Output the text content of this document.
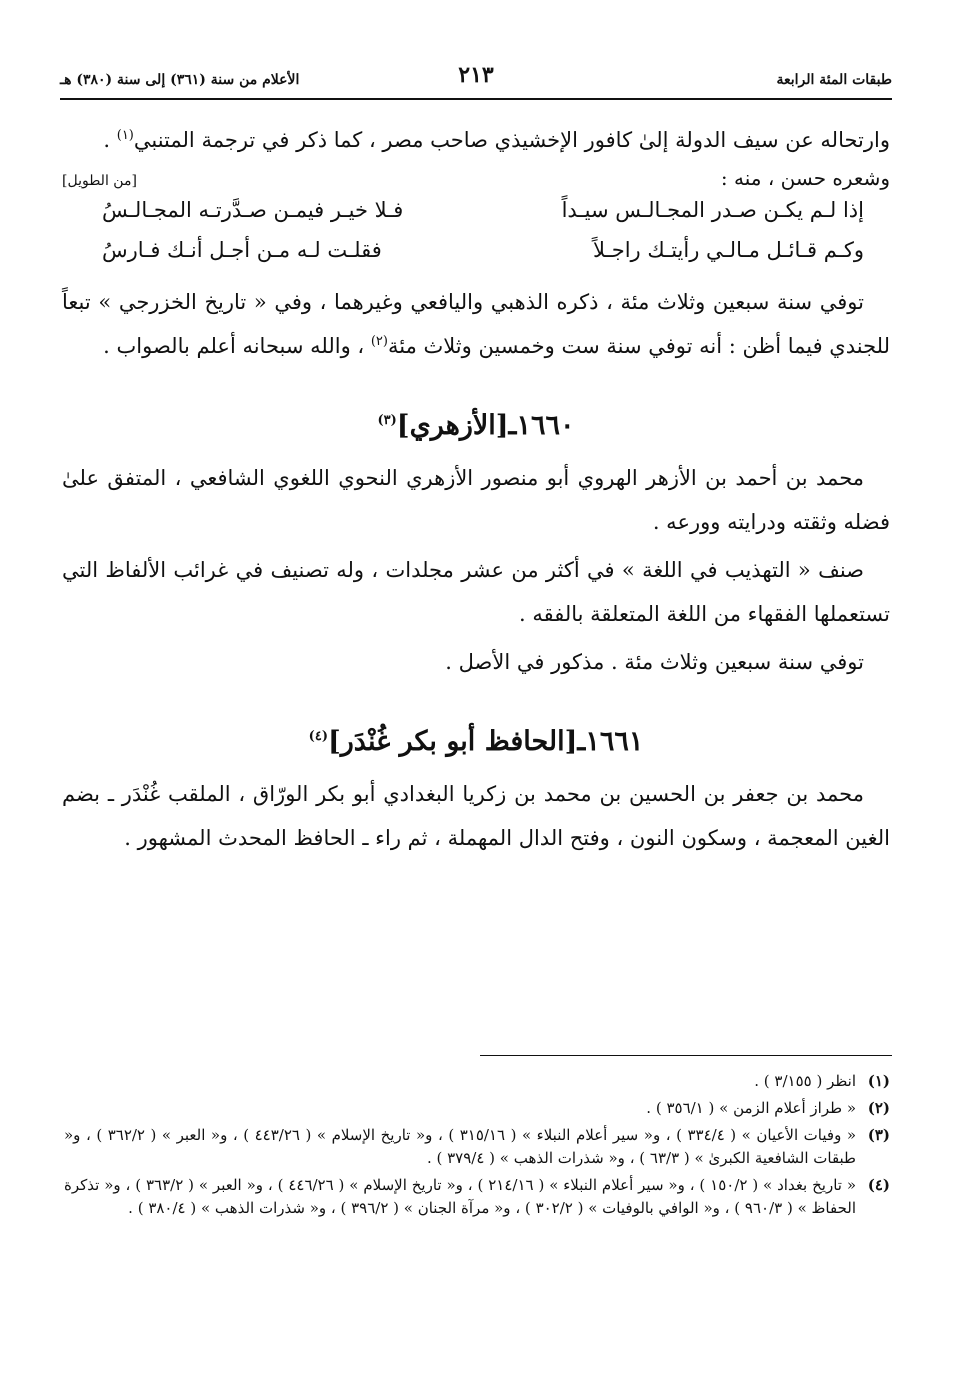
طبقات المئة الرابعة
٢١٣
الأعلام من سنة (٣٦١) إلى سنة (٣٨٠) هـ

وارتحاله عن سيف الدولة إلىٰ كافور الإخشيذي صاحب مصر ، كما ذكر في ترجمة المتنبي$^{(١)}$ .

وشعره حسن ، منه :
[من الطويل]
إذا لـم يكـن صـدر المجـالـس سيـداً
فـلا خيـر فيمـن صـدَّرتـه المجـالـسُ
وكـم قـائـل مـالـي رأيتـك راجـلاً
فقلـت لـه مـن أجـل أنـك فـارسُ

توفي سنة سبعين وثلاث مئة ، ذكره الذهبي واليافعي وغيرهما ، وفي « تاريخ الخزرجي » تبعاً للجندي فيما أظن : أنه توفي سنة ست وخمسين وثلاث مئة$^{(٢)}$ ، والله سبحانه أعلم بالصواب .

١٦٦٠ـ[الأزهري]$^{(٣)}$

محمد بن أحمد بن الأزهر الهروي أبو منصور الأزهري النحوي اللغوي الشافعي ، المتفق علىٰ فضله وثقته ودرايته وورعه .

صنف « التهذيب في اللغة » في أكثر من عشر مجلدات ، وله تصنيف في غرائب الألفاظ التي تستعملها الفقهاء من اللغة المتعلقة بالفقه .

توفي سنة سبعين وثلاث مئة . مذكور في الأصل .

١٦٦١ـ[الحافظ أبو بكر غُنْدَر]$^{(٤)}$

محمد بن جعفر بن الحسين بن محمد بن زكريا البغدادي أبو بكر الورّاق ، الملقب غُنْدَر ـ بضم الغين المعجمة ، وسكون النون ، وفتح الدال المهملة ، ثم راء ـ الحافظ المحدث المشهور .

(١)
انظر ( ٣/١٥٥ ) .
(٢)
« طراز أعلام الزمن » ( ٣٥٦/١ ) .
(٣)
« وفيات الأعيان » ( ٣٣٤/٤ ) ، و« سير أعلام النبلاء » ( ٣١٥/١٦ ) ، و« تاريخ الإسلام » ( ٤٤٣/٢٦ ) ، و« العبر » ( ٣٦٢/٢ ) ، و« طبقات الشافعية الكبرىٰ » ( ٦٣/٣ ) ، و« شذرات الذهب » ( ٣٧٩/٤ ) .
(٤)
« تاريخ بغداد » ( ١٥٠/٢ ) ، و« سير أعلام النبلاء » ( ٢١٤/١٦ ) ، و« تاريخ الإسلام » ( ٤٤٦/٢٦ ) ، و« العبر » ( ٣٦٣/٢ ) ، و« تذكرة الحفاظ » ( ٩٦٠/٣ ) ، و« الوافي بالوفيات » ( ٣٠٢/٢ ) ، و« مرآة الجنان » ( ٣٩٦/٢ ) ، و« شذرات الذهب » ( ٣٨٠/٤ ) .
